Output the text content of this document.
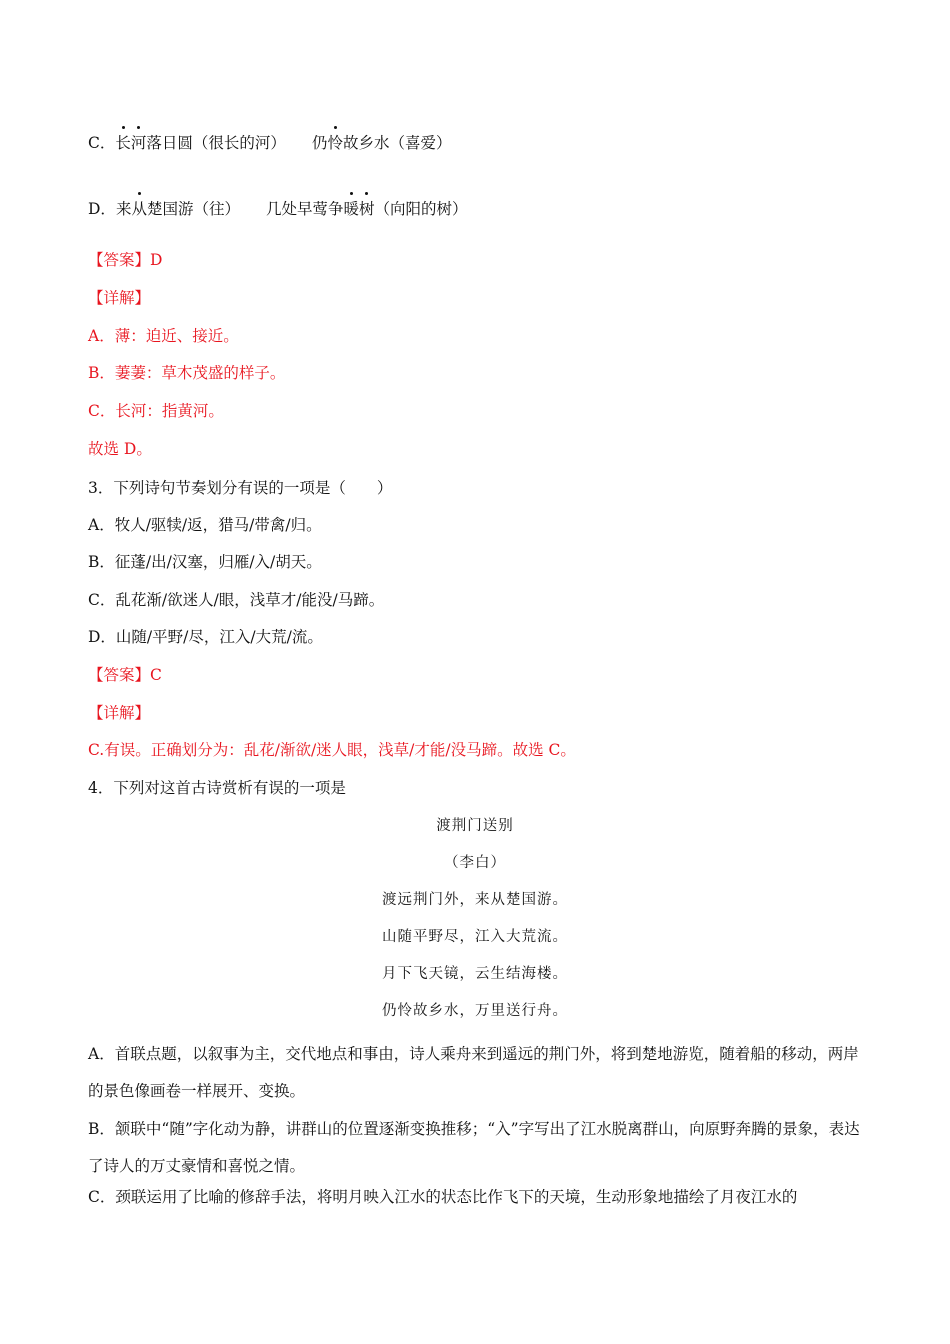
C．长河落日圆（很长的河） 仍怜故乡水（喜爱）
D．来从楚国游（往） 几处早莺争暖树（向阳的树）
【答案】D
【详解】
A．薄：迫近、接近。
B．萋萋：草木茂盛的样子。
C．长河：指黄河。
故选 D。
3．下列诗句节奏划分有误的一项是（　　）
A．牧人/驱犊/返，猎马/带禽/归。
B．征蓬/出/汉塞，归雁/入/胡天。
C．乱花渐/欲迷人/眼，浅草才/能没/马蹄。
D．山随/平野/尽，江入/大荒/流。
【答案】C
【详解】
C.有误。正确划分为：乱花/渐欲/迷人眼，浅草/才能/没马蹄。故选 C。
4．下列对这首古诗赏析有误的一项是
渡荆门送别
（李白）
渡远荆门外，来从楚国游。
山随平野尽，江入大荒流。
月下飞天镜，云生结海楼。
仍怜故乡水，万里送行舟。
A．首联点题，以叙事为主，交代地点和事由，诗人乘舟来到遥远的荆门外，将到楚地游览，随着船的移动，两岸的景色像画卷一样展开、变换。
B．颔联中“随”字化动为静，讲群山的位置逐渐变换推移；“入”字写出了江水脱离群山，向原野奔腾的景象，表达了诗人的万丈豪情和喜悦之情。
C．颈联运用了比喻的修辞手法，将明月映入江水的状态比作飞下的天境，生动形象地描绘了月夜江水的
